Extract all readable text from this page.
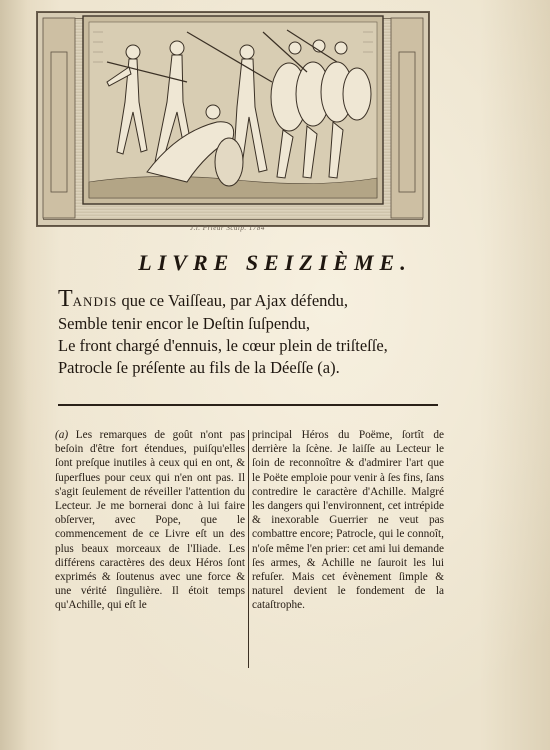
J.l. Prieur Sculp. 1784
LIVRE SEIZIÈME.
TANDIS que ce Vaiſſeau, par Ajax défendu,
Semble tenir encor le Deſtin ſuſpendu,
Le front chargé d'ennuis, le cœur plein de triſteſſe,
Patrocle ſe préſente au fils de la Déeſſe (a).
(a) Les remarques de goût n'ont pas beſoin d'être fort étendues, puiſqu'elles ſont preſque inutiles à ceux qui en ont, & ſuperflues pour ceux qui n'en ont pas. Il s'agit ſeulement de réveiller l'attention du Lecteur. Je me bornerai donc à lui faire obſerver, avec Pope, que le commencement de ce Livre eſt un des plus beaux morceaux de l'Iliade. Les différens caractères des deux Héros ſont exprimés & ſoutenus avec une force & une vérité ſingulière. Il étoit temps qu'Achille, qui eſt le
principal Héros du Poëme, ſortît de derrière la ſcène. Je laiſſe au Lecteur le ſoin de reconnoître & d'admirer l'art que le Poëte emploie pour venir à ſes fins, ſans contredire le caractère d'Achille. Malgré les dangers qui l'environnent, cet intrépide & inexorable Guerrier ne veut pas combattre encore; Patrocle, qui le connoît, n'oſe même l'en prier: cet ami lui demande ſes armes, & Achille ne ſauroit les lui refuſer. Mais cet évènement ſimple & naturel devient le fondement de la cataſtrophe.
